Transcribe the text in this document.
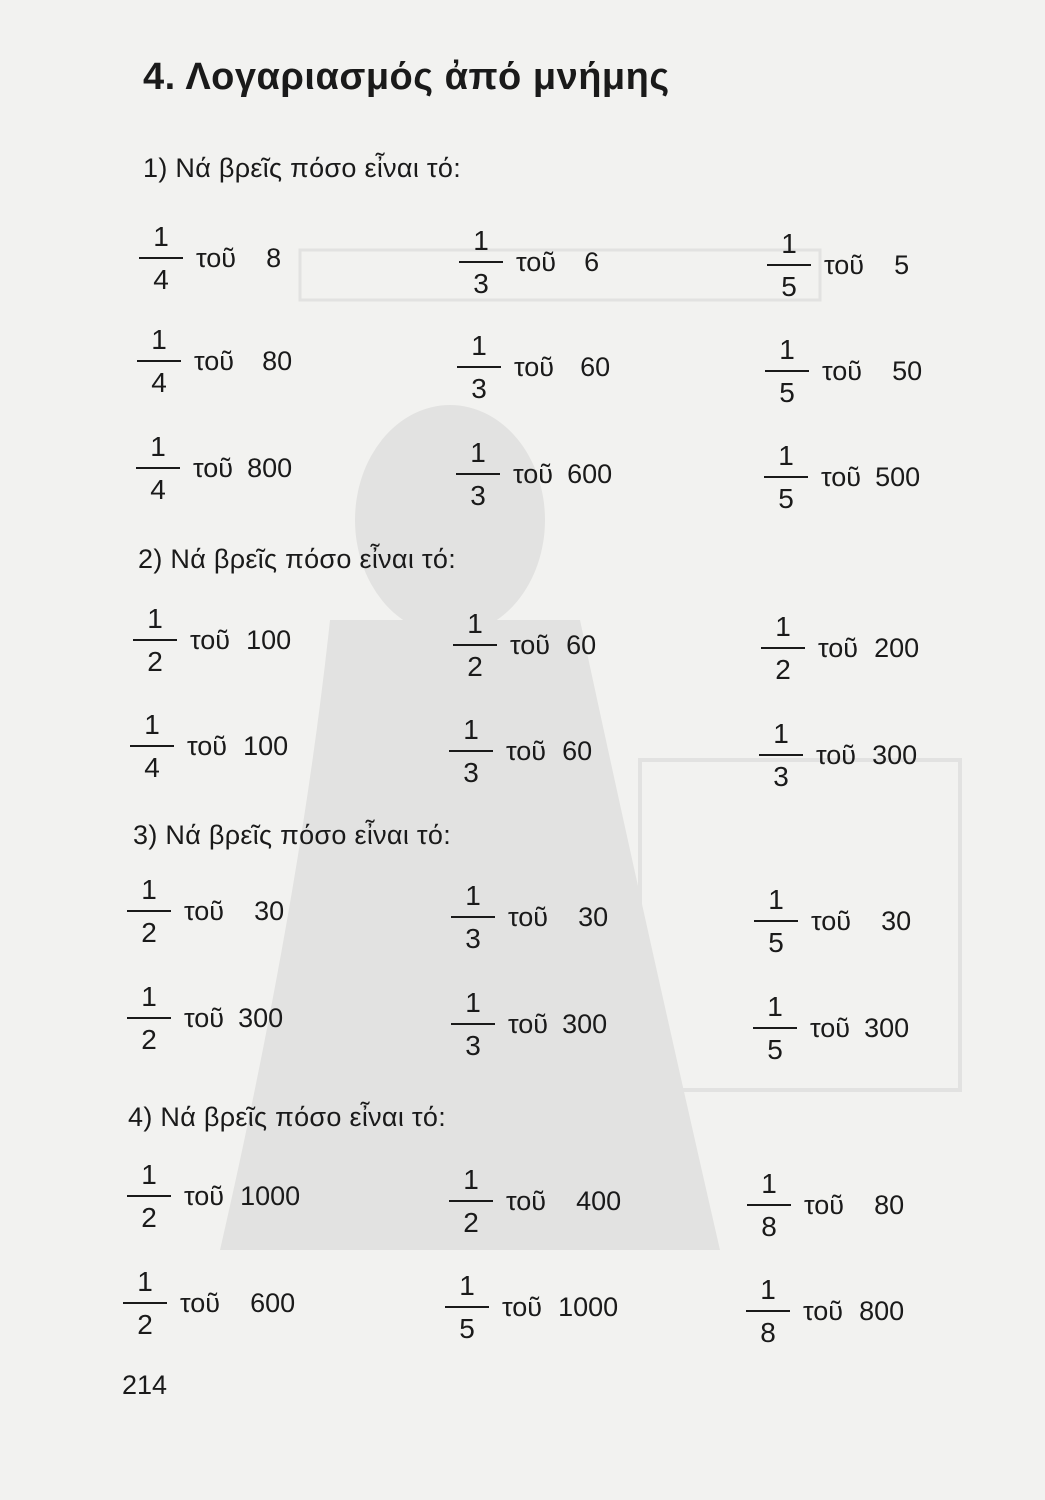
4. Λογαριασμός ἀπό μνήμης
1) Νά βρεῖς πόσο εἶναι τό:
$\frac{1}{4}$ τοῦ 8	$\frac{1}{3}$ τοῦ 6	$\frac{1}{5}$ τοῦ 5
$\frac{1}{4}$ τοῦ 80	$\frac{1}{3}$ τοῦ 60	$\frac{1}{5}$ τοῦ 50
$\frac{1}{4}$ τοῦ 800	$\frac{1}{3}$ τοῦ 600	$\frac{1}{5}$ τοῦ 500
2) Νά βρεῖς πόσο εἶναι τό:
$\frac{1}{2}$ τοῦ 100	$\frac{1}{2}$ τοῦ 60	$\frac{1}{2}$ τοῦ 200
$\frac{1}{4}$ τοῦ 100	$\frac{1}{3}$ τοῦ 60	$\frac{1}{3}$ τοῦ 300
3) Νά βρεῖς πόσο εἶναι τό:
$\frac{1}{2}$ τοῦ 30	$\frac{1}{3}$ τοῦ 30	$\frac{1}{5}$ τοῦ 30
$\frac{1}{2}$ τοῦ 300	$\frac{1}{3}$ τοῦ 300	$\frac{1}{5}$ τοῦ 300
4) Νά βρεῖς πόσο εἶναι τό:
$\frac{1}{2}$ τοῦ 1000	$\frac{1}{2}$ τοῦ 400	$\frac{1}{8}$ τοῦ 80
$\frac{1}{2}$ τοῦ 600	$\frac{1}{5}$ τοῦ 1000	$\frac{1}{8}$ τοῦ 800
214
